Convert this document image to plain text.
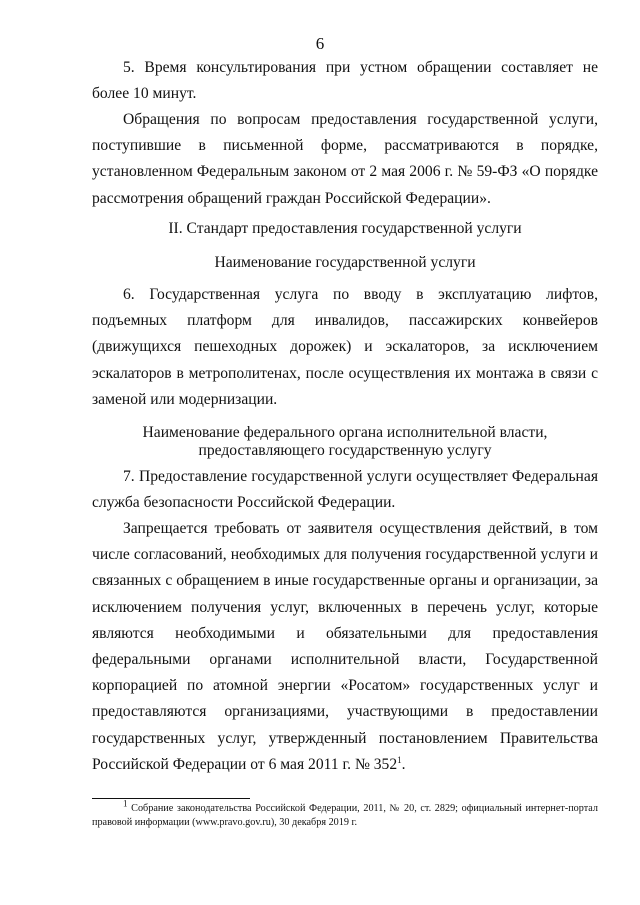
6
5. Время консультирования при устном обращении составляет не более 10 минут.
Обращения по вопросам предоставления государственной услуги, поступившие в письменной форме, рассматриваются в порядке, установленном Федеральным законом от 2 мая 2006 г. № 59-ФЗ «О порядке рассмотрения обращений граждан Российской Федерации».
II. Стандарт предоставления государственной услуги
Наименование государственной услуги
6. Государственная услуга по вводу в эксплуатацию лифтов, подъемных платформ для инвалидов, пассажирских конвейеров (движущихся пешеходных дорожек) и эскалаторов, за исключением эскалаторов в метрополитенах, после осуществления их монтажа в связи с заменой или модернизации.
Наименование федерального органа исполнительной власти,
предоставляющего государственную услугу
7. Предоставление государственной услуги осуществляет Федеральная служба безопасности Российской Федерации.
Запрещается требовать от заявителя осуществления действий, в том числе согласований, необходимых для получения государственной услуги и связанных с обращением в иные государственные органы и организации, за исключением получения услуг, включенных в перечень услуг, которые являются необходимыми и обязательными для предоставления федеральными органами исполнительной власти, Государственной корпорацией по атомной энергии «Росатом» государственных услуг и предоставляются организациями, участвующими в предоставлении государственных услуг, утвержденный постановлением Правительства Российской Федерации от 6 мая 2011 г. № $352^1$.
$^1$ Собрание законодательства Российской Федерации, 2011, № 20, ст. 2829; официальный интернет-портал правовой информации (www.pravo.gov.ru), 30 декабря 2019 г.
